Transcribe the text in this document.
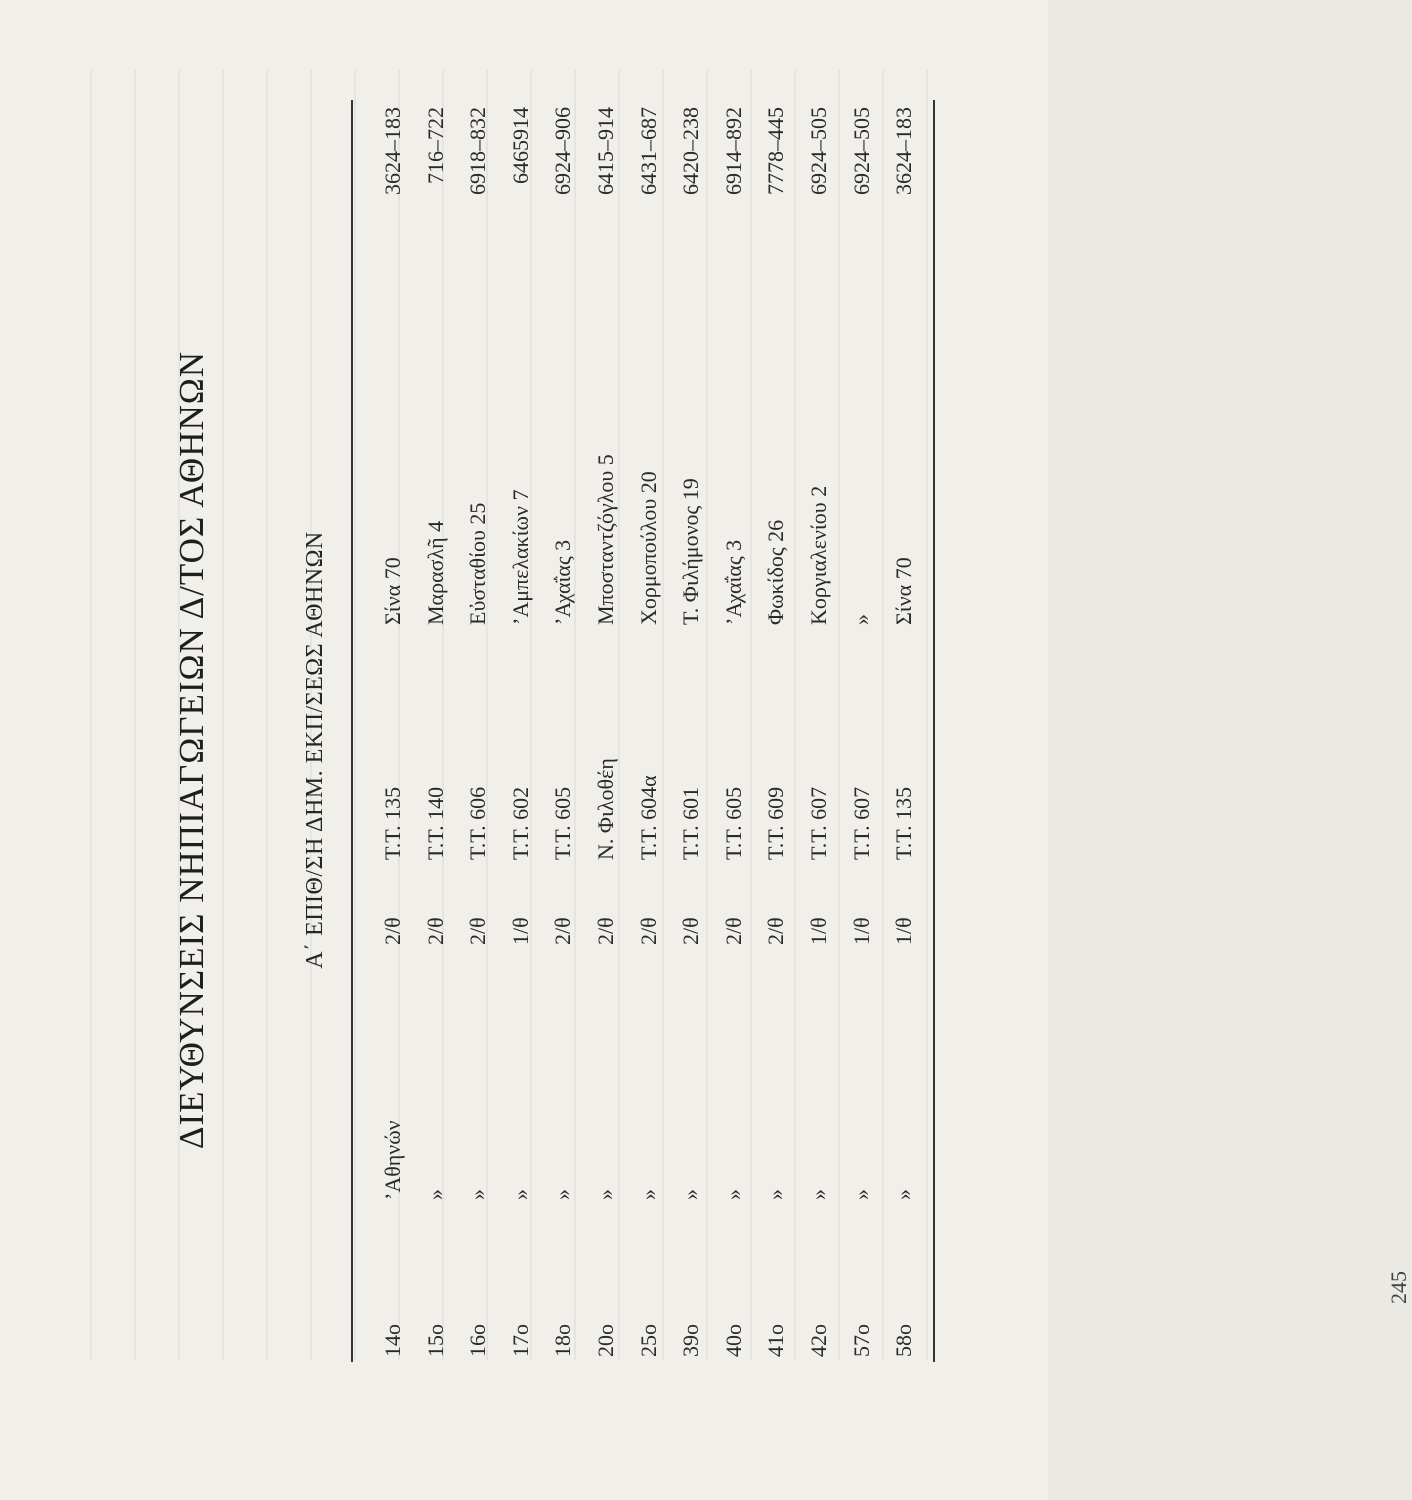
ΔΙΕΥΘΥΝΣΕΙΣ ΝΗΠΙΑΓΩΓΕΙΩΝ Δ/ΤΟΣ ΑΘΗΝΩΝ	Α΄ ΕΠΙΘ/ΣΗ ΔΗΜ. ΕΚΠ/ΣΕΩΣ ΑΘΗΝΩΝ
14ο
’Αθηνών
2/θ
Τ.Τ. 135
Σίνα 70
3624–183
15ο
»
2/θ
Τ.Τ. 140
Μαρασλῆ 4
716–722
16ο
»
2/θ
Τ.Τ. 606
Εὐσταθίου 25
6918–832
17ο
»
1/θ
Τ.Τ. 602
’Αμπελακίων 7
6465914
18ο
»
2/θ
Τ.Τ. 605
’Αχαΐας 3
6924–906
20ο
»
2/θ
Ν. Φιλοθέη
Μποσταντζόγλου 5
6415–914
25ο
»
2/θ
Τ.Τ. 604α
Χορμοπούλου 20
6431–687
39ο
»
2/θ
Τ.Τ. 601
Τ. Φιλήμονος 19
6420–238
40ο
»
2/θ
Τ.Τ. 605
’Αχαΐας 3
6914–892
41ο
»
2/θ
Τ.Τ. 609
Φωκίδος 26
7778–445
42ο
»
1/θ
Τ.Τ. 607
Κοργιαλενίου 2
6924–505
57ο
»
1/θ
Τ.Τ. 607
»
6924–505
58ο
»
1/θ
Τ.Τ. 135
Σίνα 70
3624–183
245
